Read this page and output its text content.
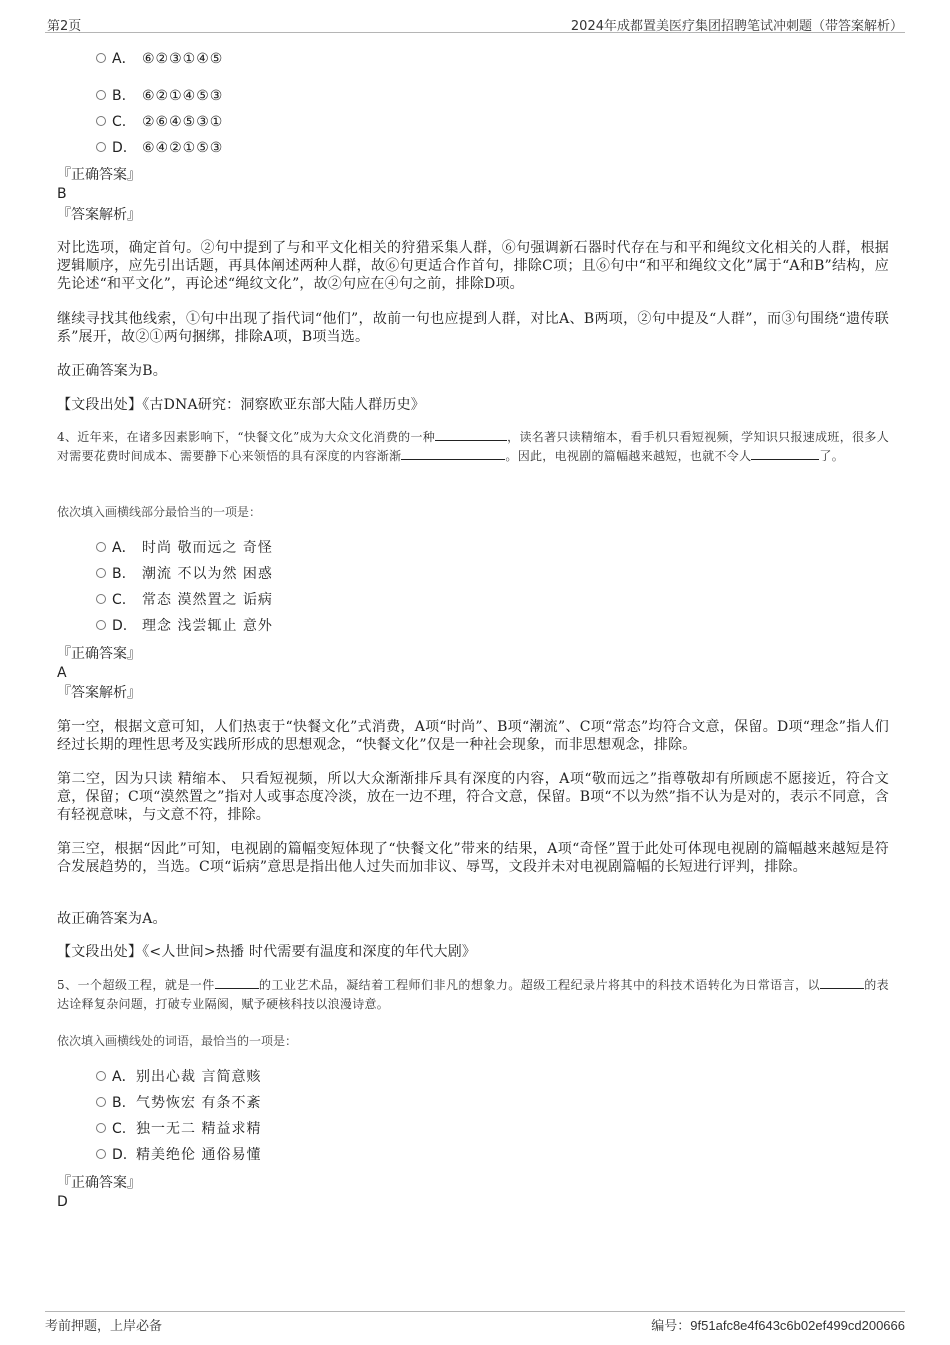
第2页	2024年成都置美医疗集团招聘笔试冲刺题（带答案解析）
A． ⑥②③①④⑤
B. ⑥②①④⑤③
C. ②⑥④⑤③①
D. ⑥④②①⑤③
『正确答案』
B
『答案解析』
对比选项，确定首句。②句中提到了与和平文化相关的狩猎采集人群，⑥句强调新石器时代存在与和平和绳纹文化相关的人群，根据逻辑顺序，应先引出话题，再具体阐述两种人群，故⑥句更适合作首句，排除C项；且⑥句中“和平和绳纹文化”属于“A和B”结构，应先论述“和平文化”，再论述“绳纹文化”，故②句应在④句之前，排除D项。
继续寻找其他线索，①句中出现了指代词“他们”，故前一句也应提到人群，对比A、B两项，②句中提及“人群”，而③句围绕“遗传联系”展开，故②①两句捆绑，排除A项，B项当选。
故正确答案为B。
【文段出处】《古DNA研究：洞察欧亚东部大陆人群历史》
4、近年来，在诸多因素影响下，“快餐文化”成为大众文化消费的一种	，读名著只读精缩本，看手机只看短视频，学知识只报速成班，很多人对需要花费时间成本、需要静下心来领悟的具有深度的内容渐渐	。因此，电视剧的篇幅越来越短，也就不令人	了。
依次填入画横线部分最恰当的一项是：
A． 时尚 敬而远之 奇怪
B. 潮流 不以为然 困惑
C. 常态 漠然置之 诟病
D. 理念 浅尝辄止 意外
『正确答案』
A
『答案解析』
第一空，根据文意可知，人们热衷于“快餐文化”式消费，A项“时尚”、B项“潮流”、C项“常态”均符合文意，保留。D项“理念”指人们经过长期的理性思考及实践所形成的思想观念，“快餐文化”仅是一种社会现象，而非思想观念，排除。
第二空，因为只读 精缩本、 只看短视频，所以大众渐渐排斥具有深度的内容，A项“敬而远之”指尊敬却有所顾虑不愿接近，符合文意，保留；C项“漠然置之”指对人或事态度冷淡，放在一边不理，符合文意，保留。B项“不以为然”指不认为是对的，表示不同意，含有轻视意味，与文意不符，排除。
第三空，根据“因此”可知，电视剧的篇幅变短体现了“快餐文化”带来的结果，A项“奇怪”置于此处可体现电视剧的篇幅越来越短是符合发展趋势的，当选。C项“诟病”意思是指出他人过失而加非议、辱骂，文段并未对电视剧篇幅的长短进行评判，排除。
故正确答案为A。
【文段出处】《<人世间>热播 时代需要有温度和深度的年代大剧》
5、一个超级工程，就是一件	的工业艺术品，凝结着工程师们非凡的想象力。超级工程纪录片将其中的科技术语转化为日常语言，以	的表达诠释复杂问题，打破专业隔阂，赋予硬核科技以浪漫诗意。
依次填入画横线处的词语，最恰当的一项是：
A．别出心裁 言简意赅
B. 气势恢宏 有条不紊
C. 独一无二 精益求精
D. 精美绝伦 通俗易懂
『正确答案』
D
考前押题，上岸必备	编号：9f51afc8e4f643c6b02ef499cd200666
